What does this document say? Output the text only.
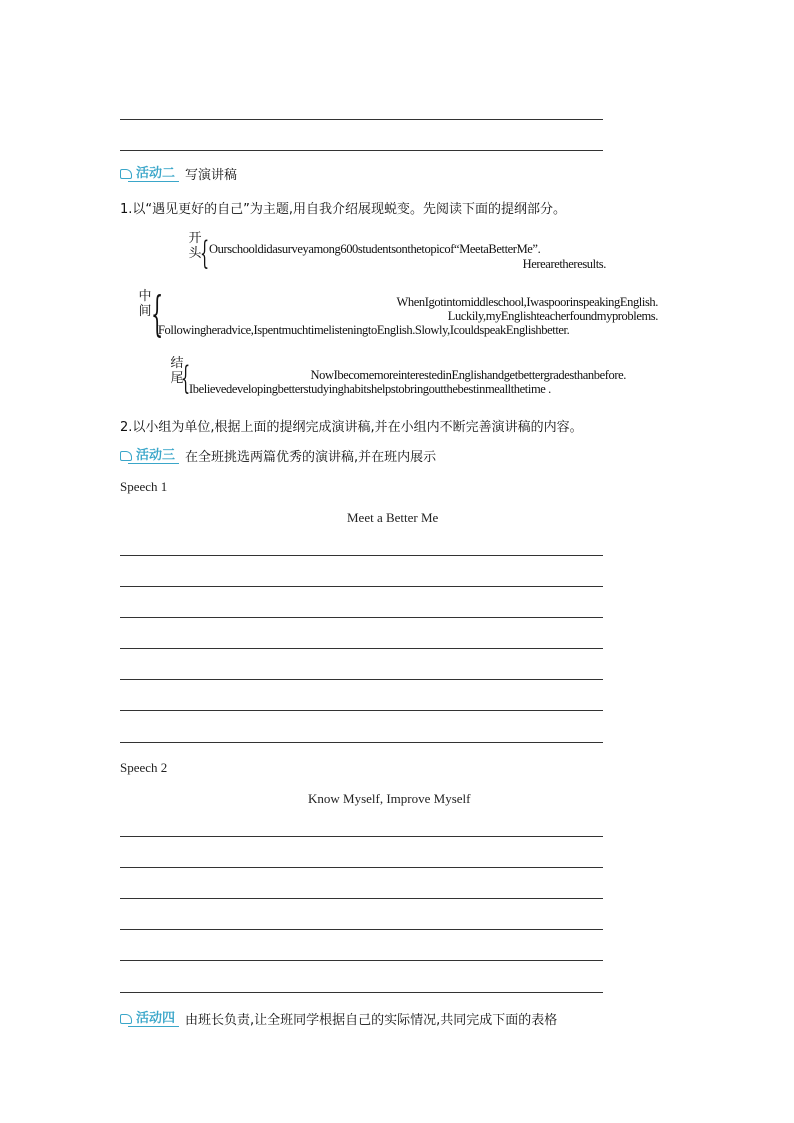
活动二 写演讲稿
1.以“遇见更好的自己”为主题,用自我介绍展现蜕变。先阅读下面的提纲部分。
开头
{ Ourschooldidasurveyamong600studentsonthetopicof“MeetaBetterMe”.
Herearetheresults.
中间 {	WhenIgotintomiddleschool,IwaspoorinspeakingEnglish.
Luckily,myEnglishteacherfoundmyproblems.
Followingheradvice,IspentmuchtimelisteningtoEnglish.Slowly,IcouldspeakEnglishbetter.
结尾
{	NowIbecomemoreinterestedinEnglishandgetbettergradesthanbefore.
Ibelievedevelopingbetterstudyinghabitshelpstobringoutthebestinmeallthetime .
2.以小组为单位,根据上面的提纲完成演讲稿,并在小组内不断完善演讲稿的内容。
活动三 在全班挑选两篇优秀的演讲稿,并在班内展示
Speech 1
Meet a Better Me
Speech 2
Know Myself, Improve Myself
活动四 由班长负责,让全班同学根据自己的实际情况,共同完成下面的表格
